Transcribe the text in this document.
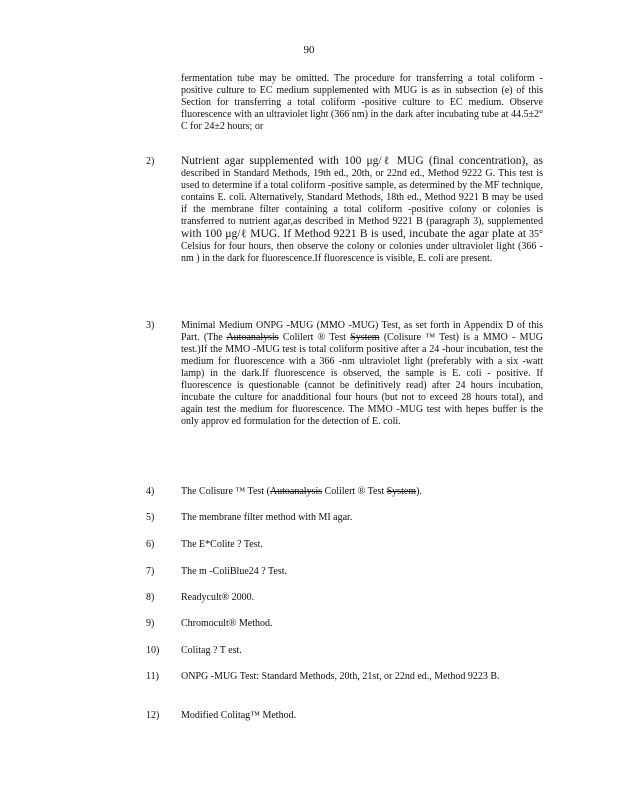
90
fermentation tube may be omitted. The procedure for transferring a total coliform -positive culture to EC medium supplemented with MUG is as in subsection (e) of this Section for transferring a total coliform -positive culture to EC medium. Observe fluorescence with an ultraviolet light (366 nm) in the dark after incubating tube at 44.5±2° C for 24±2 hours; or
2) Nutrient agar supplemented with 100 μg/ℓ MUG (final concentration), as described in Standard Methods, 19th ed., 20th, or 22nd ed., Method 9222 G. This test is used to determine if a total coliform -positive sample, as determined by the MF technique, contains E. coli. Alternatively, Standard Methods, 18th ed., Method 9221 B may be used if the membrane filter containing a total coliform -positive colony or colonies is transferred to nutrient agar,as described in Method 9221 B (paragraph 3), supplemented with 100 μg/ℓ MUG. If Method 9221 B is used, incubate the agar plate at 35° Celsius for four hours, then observe the colony or colonies under ultraviolet light (366 -nm ) in the dark for fluorescence.If fluorescence is visible, E. coli are present.
3)	Minimal Medium ONPG -MUG (MMO -MUG) Test, as set forth in Appendix D of this Part. (The Autoanalysis Colilert ® Test System (Colisure ™ Test) is a MMO - MUG test.)If the MMO -MUG test is total coliform positive after a 24 -hour incubation, test the medium for fluorescence with a 366 -nm ultraviolet light (preferably with a six -watt lamp) in the dark.If fluorescence is observed, the sample is E. coli - positive. If fluorescence is questionable (cannot be definitively read) after 24 hours incubation, incubate the culture for anadditional four hours (but not to exceed 28 hours total), and again test the medium for fluorescence. The MMO -MUG test with hepes buffer is the only approv ed formulation for the detection of E. coli.
4)	The Colisure ™ Test (Autoanalysis Colilert ® Test System).
5)	The membrane filter method with MI agar.
6)	The E*Colite ? Test.
7)	The m -ColiBlue24 ? Test.
8)	Readycult® 2000.
9)	Chromocult® Method.
10) Colitag ? T est.
11) ONPG -MUG Test: Standard Methods, 20th, 21st, or 22nd ed., Method 9223 B.
12) Modified Colitag™ Method.
